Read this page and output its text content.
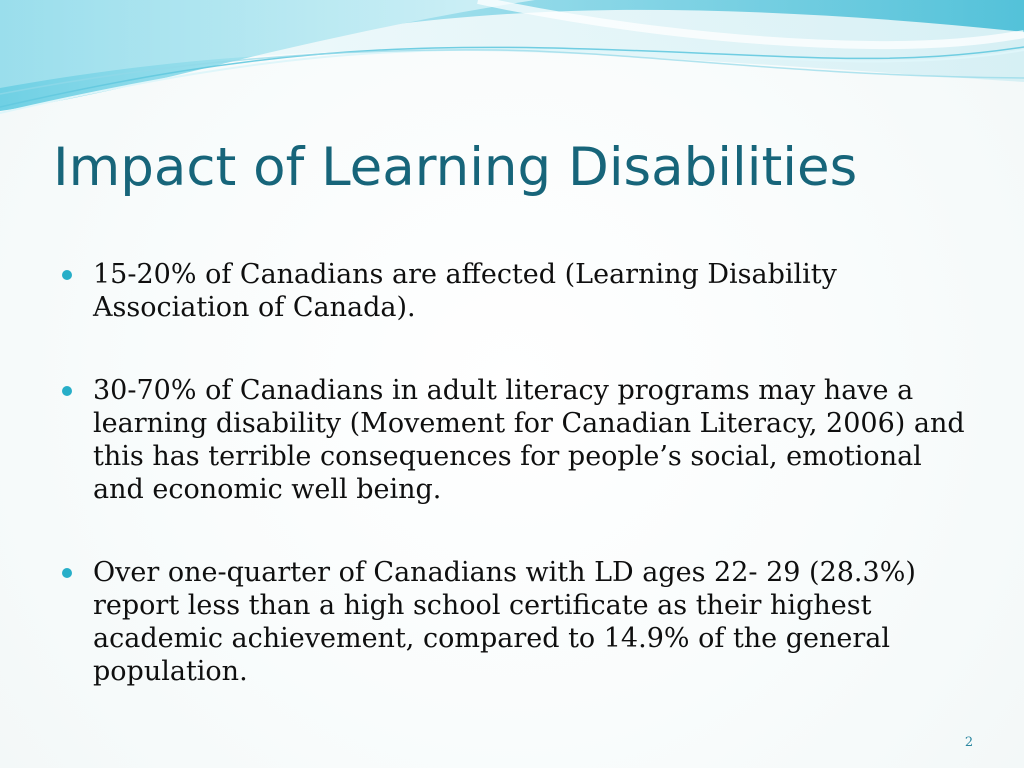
Impact of Learning Disabilities
15-20% of Canadians are affected (Learning Disability Association of Canada).
30-70% of Canadians in adult literacy programs may have a learning disability (Movement for Canadian Literacy, 2006) and this has terrible consequences for people’s social, emotional and economic well being.
Over one-quarter of Canadians with LD ages 22- 29 (28.3%) report less than a high school certificate as their highest academic achievement, compared to 14.9% of the general population.
2
